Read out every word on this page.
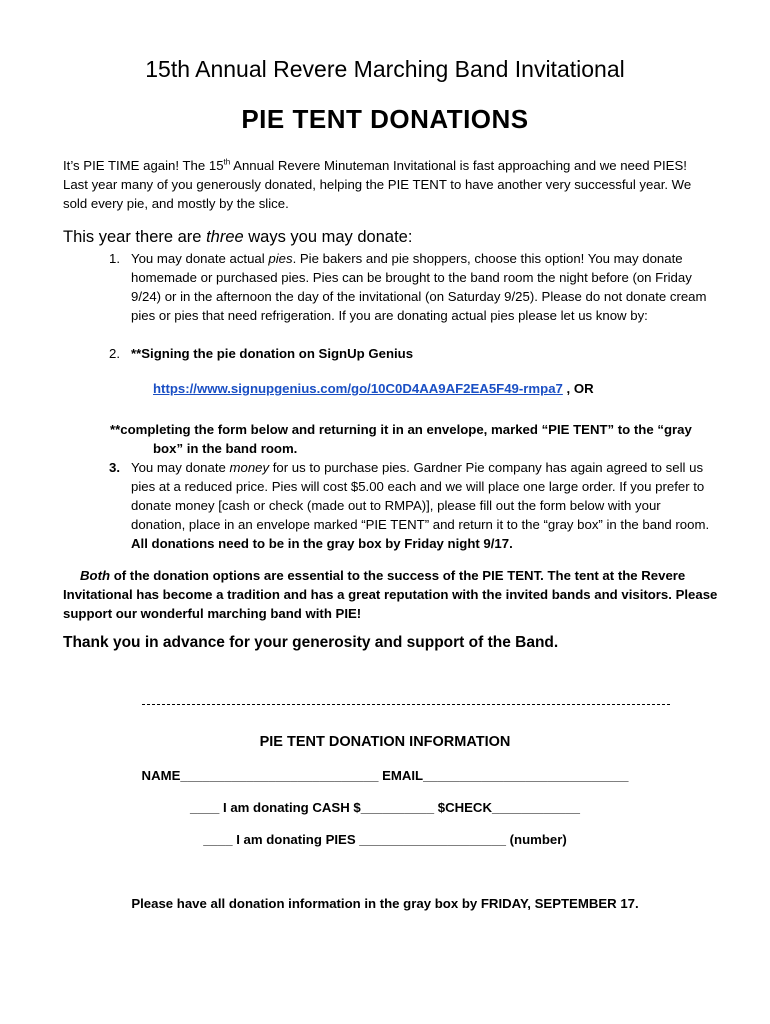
15th Annual Revere Marching Band Invitational
PIE TENT DONATIONS
It’s PIE TIME again! The 15th Annual Revere Minuteman Invitational is fast approaching and we need PIES! Last year many of you generously donated, helping the PIE TENT to have another very successful year. We sold every pie, and mostly by the slice.
This year there are three ways you may donate:
1. You may donate actual pies. Pie bakers and pie shoppers, choose this option! You may donate homemade or purchased pies. Pies can be brought to the band room the night before (on Friday 9/24) or in the afternoon the day of the invitational (on Saturday 9/25). Please do not donate cream pies or pies that need refrigeration. If you are donating actual pies please let us know by:
2. **Signing the pie donation on SignUp Genius
https://www.signupgenius.com/go/10C0D4AA9AF2EA5F49-rmpa7 , OR
**completing the form below and returning it in an envelope, marked “PIE TENT” to the “gray
box” in the band room.
3. You may donate money for us to purchase pies. Gardner Pie company has again agreed to sell us pies at a reduced price. Pies will cost $5.00 each and we will place one large order. If you prefer to donate money [cash or check (made out to RMPA)], please fill out the form below with your donation, place in an envelope marked “PIE TENT” and return it to the “gray box” in the band room. All donations need to be in the gray box by Friday night 9/17.
Both of the donation options are essential to the success of the PIE TENT. The tent at the Revere Invitational has become a tradition and has a great reputation with the invited bands and visitors. Please support our wonderful marching band with PIE!
Thank you in advance for your generosity and support of the Band.
PIE TENT DONATION INFORMATION
NAME___________________________ EMAIL____________________________
____ I am donating CASH $__________ $CHECK____________
____ I am donating PIES ____________________ (number)
Please have all donation information in the gray box by FRIDAY, SEPTEMBER 17.
